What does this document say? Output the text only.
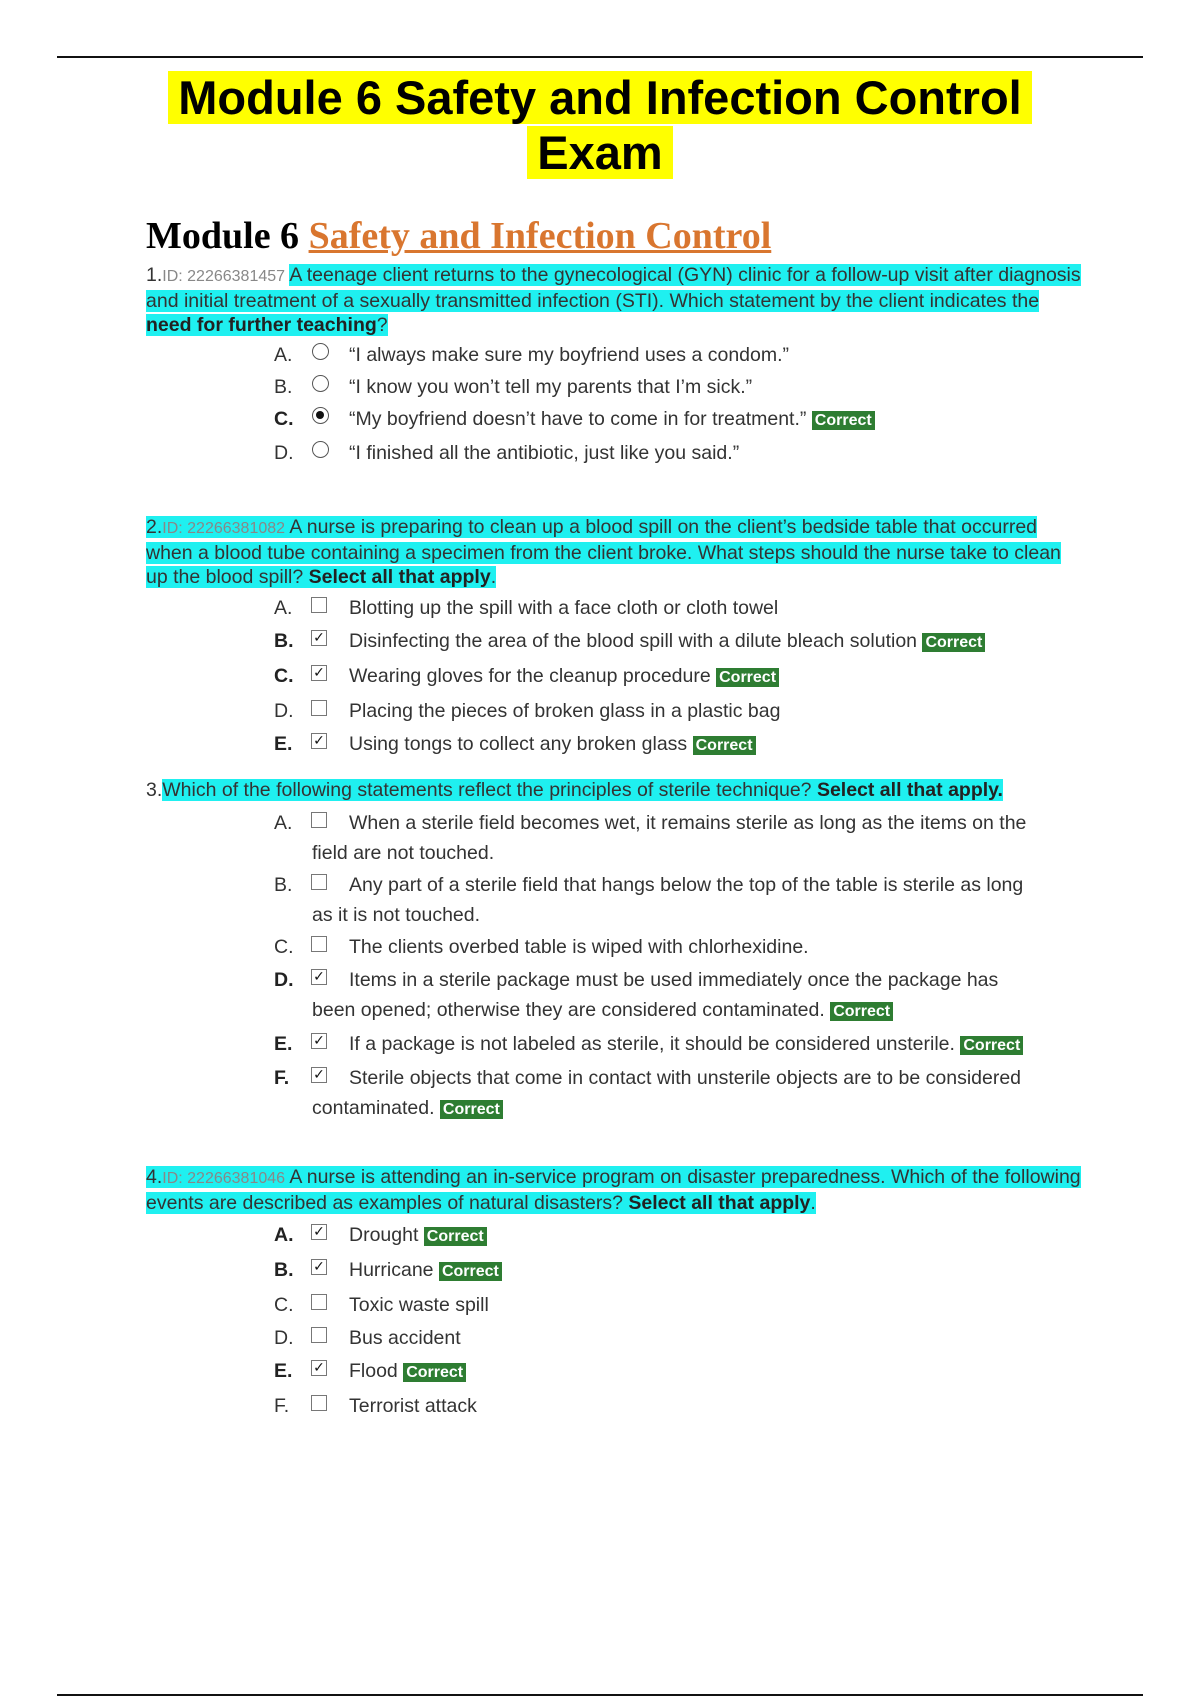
Module 6 Safety and Infection Control
Exam
Module 6 Safety and Infection Control
1.ID: 22266381457 A teenage client returns to the gynecological (GYN) clinic for a follow-up visit after diagnosis and initial treatment of a sexually transmitted infection (STI). Which statement by the client indicates the need for further teaching?
A.	“I always make sure my boyfriend uses a condom.”
B.	“I know you won’t tell my parents that I’m sick.”
C.	“My boyfriend doesn’t have to come in for treatment.” Correct
D.	“I finished all the antibiotic, just like you said.”
2.ID: 22266381082 A nurse is preparing to clean up a blood spill on the client’s bedside table that occurred when a blood tube containing a specimen from the client broke. What steps should the nurse take to clean up the blood spill? Select all that apply.
A.	Blotting up the spill with a face cloth or cloth towel
B.	✓ Disinfecting the area of the blood spill with a dilute bleach solution Correct
C.	✓ Wearing gloves for the cleanup procedure Correct
D.	Placing the pieces of broken glass in a plastic bag
E.	✓ Using tongs to collect any broken glass Correct
3.Which of the following statements reflect the principles of sterile technique? Select all that apply.
A.	When a sterile field becomes wet, it remains sterile as long as the items on the
field are not touched.
B.	Any part of a sterile field that hangs below the top of the table is sterile as long
as it is not touched.
C.	The clients overbed table is wiped with chlorhexidine.
D.	✓ Items in a sterile package must be used immediately once the package has
been opened; otherwise they are considered contaminated. Correct
E.	✓ If a package is not labeled as sterile, it should be considered unsterile. Correct
F.	✓ Sterile objects that come in contact with unsterile objects are to be considered
contaminated. Correct
4.ID: 22266381046 A nurse is attending an in-service program on disaster preparedness. Which of the following events are described as examples of natural disasters? Select all that apply.
A.	✓ Drought Correct
B.	✓ Hurricane Correct
C.	Toxic waste spill
D.	Bus accident
E.	✓ Flood Correct
F.	Terrorist attack
